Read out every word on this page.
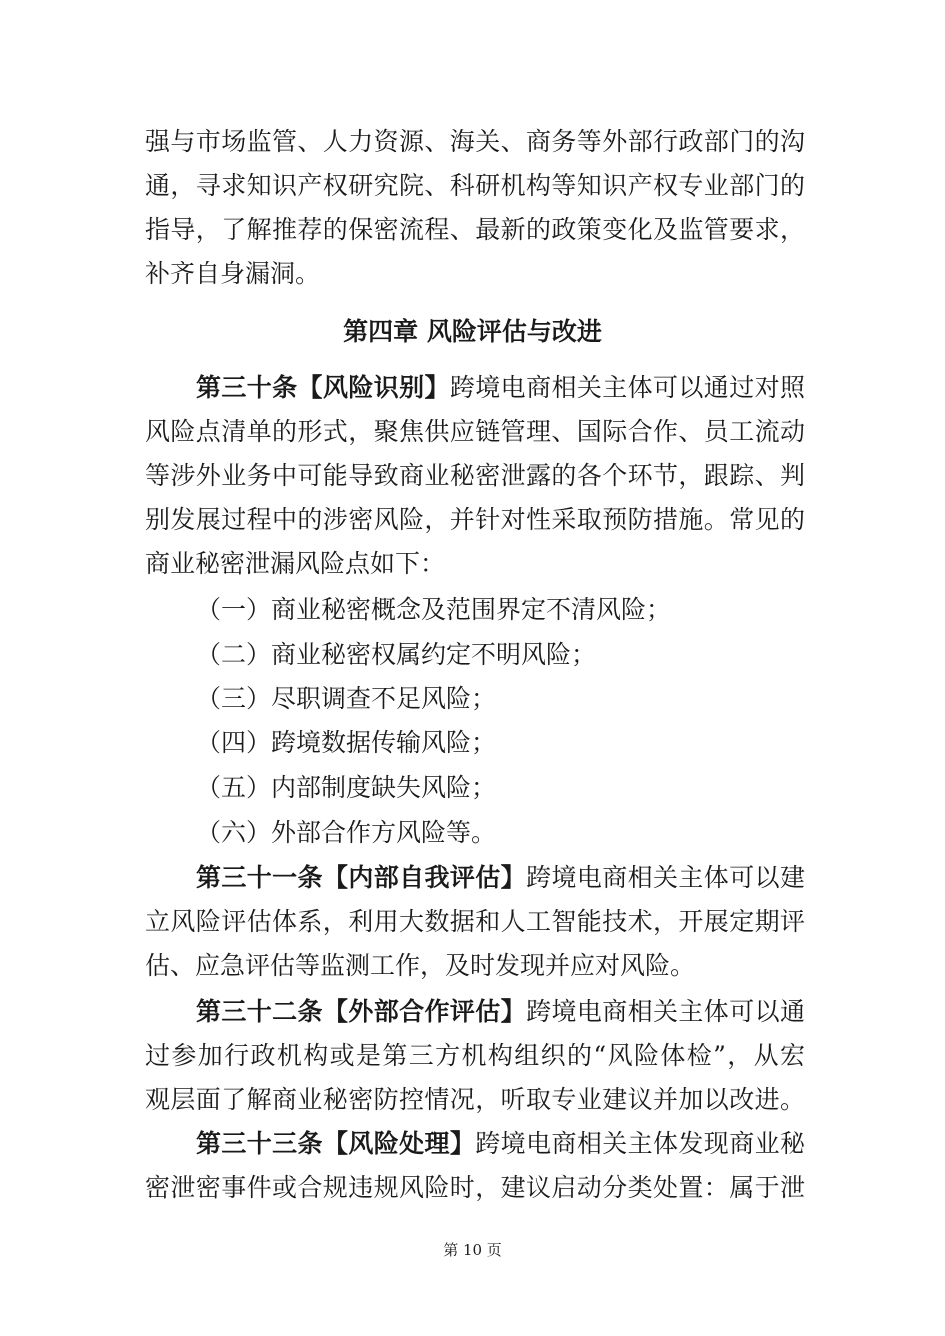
强与市场监管、人力资源、海关、商务等外部行政部门的沟
通，寻求知识产权研究院、科研机构等知识产权专业部门的
指导，了解推荐的保密流程、最新的政策变化及监管要求，
补齐自身漏洞。
第四章 风险评估与改进
第三十条【风险识别】跨境电商相关主体可以通过对照
风险点清单的形式，聚焦供应链管理、国际合作、员工流动
等涉外业务中可能导致商业秘密泄露的各个环节，跟踪、判
别发展过程中的涉密风险，并针对性采取预防措施。常见的
商业秘密泄漏风险点如下：
（一）商业秘密概念及范围界定不清风险；
（二）商业秘密权属约定不明风险；
（三）尽职调查不足风险；
（四）跨境数据传输风险；
（五）内部制度缺失风险；
（六）外部合作方风险等。
第三十一条【内部自我评估】跨境电商相关主体可以建
立风险评估体系，利用大数据和人工智能技术，开展定期评
估、应急评估等监测工作，及时发现并应对风险。
第三十二条【外部合作评估】跨境电商相关主体可以通
过参加行政机构或是第三方机构组织的“风险体检”，从宏
观层面了解商业秘密防控情况，听取专业建议并加以改进。
第三十三条【风险处理】跨境电商相关主体发现商业秘
密泄密事件或合规违规风险时，建议启动分类处置：属于泄
第 10 页
